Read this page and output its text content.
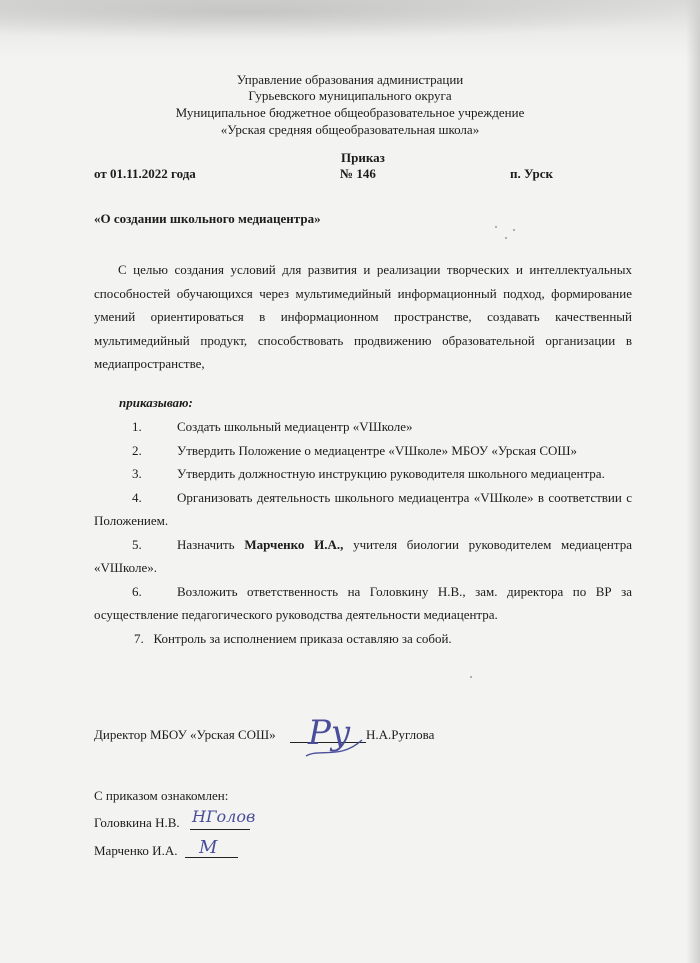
Управление образования администрации
Гурьевского муниципального округа
Муниципальное бюджетное общеобразовательное учреждение
«Урская средняя общеобразовательная школа»
Приказ
от 01.11.2022 года	№ 146	п. Урск
«О создании школьного медиацентра»
С целью создания условий для развития и реализации творческих и интеллектуальных способностей обучающихся через мультимедийный информационный подход, формирование умений ориентироваться в информационном пространстве, создавать качественный мультимедийный продукт, способствовать продвижению образовательной организации в медиапространстве,
приказываю:
1.	Создать школьный медиацентр «VШколе»
2.	Утвердить Положение о медиацентре «VШколе» МБОУ «Урская СОШ»
3.	Утвердить должностную инструкцию руководителя школьного медиацентра.
4.	Организовать деятельность школьного медиацентра «VШколе» в соответствии с Положением.
5.	Назначить Марченко И.А., учителя биологии руководителем медиацентра «VШколе».
6.	Возложить ответственность на Головкину Н.В., зам. директора по ВР за осуществление педагогического руководства деятельности медиацентра.
7. Контроль за исполнением приказа оставляю за собой.
Директор МБОУ «Урская СОШ» Ру Н.А.Руглова
С приказом ознакомлен:
Головкина Н.В. НГолов
Марченко И.А. М
